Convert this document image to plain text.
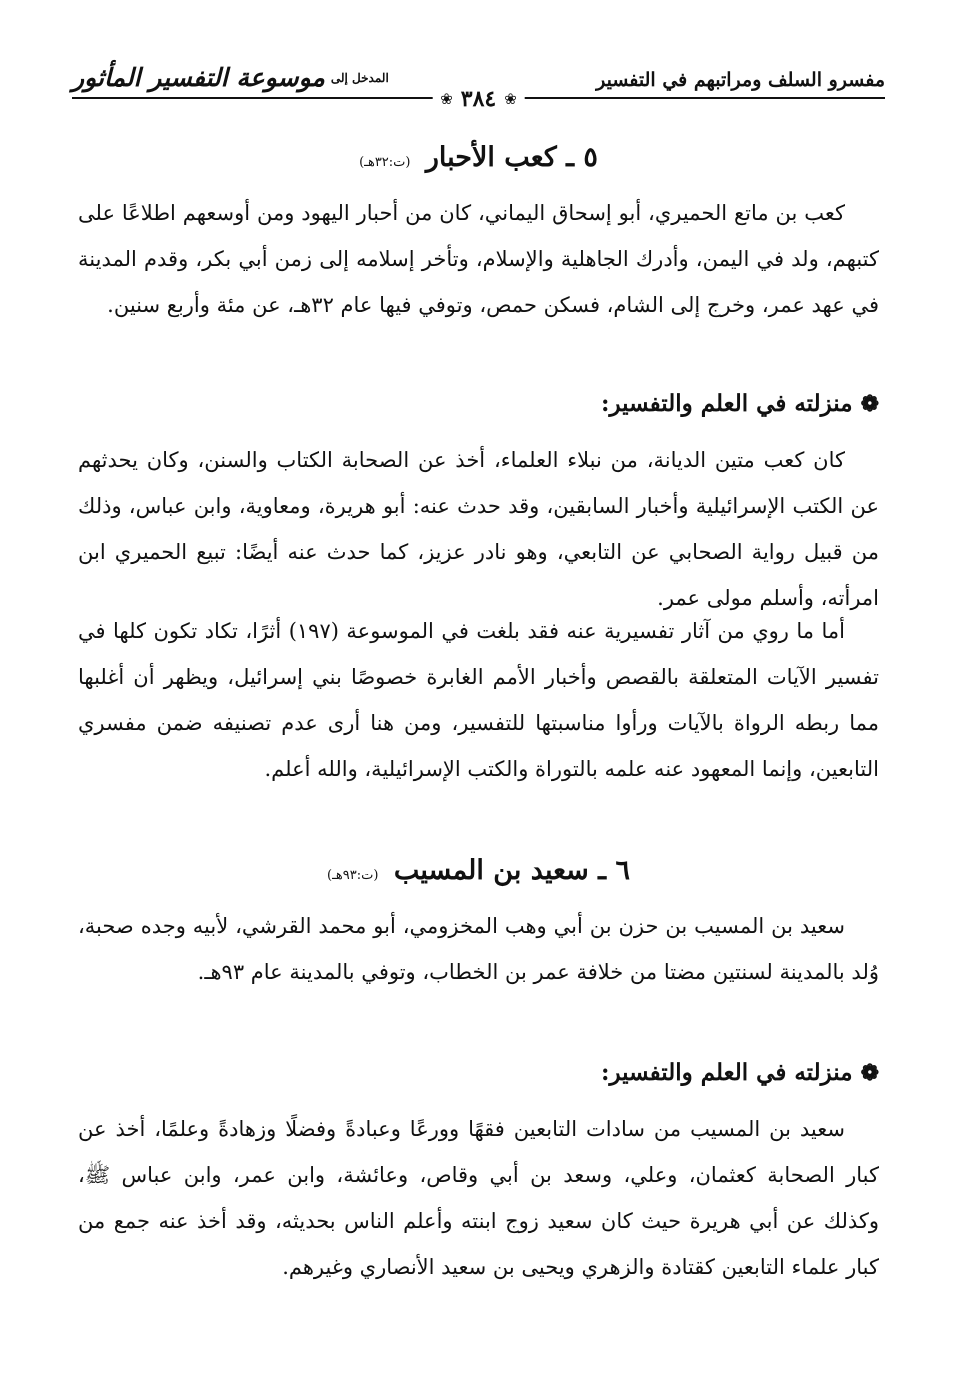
مفسرو السلف ومراتبهم في التفسير
المدخل إلى
موسوعة التفسير المأثور
❀
٣٨٤
❀
٥ ـ كعب الأحبار (ت:٣٢هـ)

كعب بن ماتع الحميري، أبو إسحاق اليماني، كان من أحبار اليهود ومن أوسعهم اطلاعًا على كتبهم، ولد في اليمن، وأدرك الجاهلية والإسلام، وتأخر إسلامه إلى زمن أبي بكر، وقدم المدينة في عهد عمر، وخرج إلى الشام، فسكن حمص، وتوفي فيها عام ٣٢هـ، عن مئة وأربع سنين.

❁
منزلته في العلم والتفسير:

كان كعب متين الديانة، من نبلاء العلماء، أخذ عن الصحابة الكتاب والسنن، وكان يحدثهم عن الكتب الإسرائيلية وأخبار السابقين، وقد حدث عنه: أبو هريرة، ومعاوية، وابن عباس، وذلك من قبيل رواية الصحابي عن التابعي، وهو نادر عزيز، كما حدث عنه أيضًا: تبيع الحميري ابن امرأته، وأسلم مولى عمر.

أما ما روي من آثار تفسيرية عنه فقد بلغت في الموسوعة (١٩٧) أثرًا، تكاد تكون كلها في تفسير الآيات المتعلقة بالقصص وأخبار الأمم الغابرة خصوصًا بني إسرائيل، ويظهر أن أغلبها مما ربطه الرواة بالآيات ورأوا مناسبتها للتفسير، ومن هنا أرى عدم تصنيفه ضمن مفسري التابعين، وإنما المعهود عنه علمه بالتوراة والكتب الإسرائيلية، والله أعلم.

٦ ـ سعيد بن المسيب (ت:٩٣هـ)

سعيد بن المسيب بن حزن بن أبي وهب المخزومي، أبو محمد القرشي، لأبيه وجده صحبة، وُلد بالمدينة لسنتين مضتا من خلافة عمر بن الخطاب، وتوفي بالمدينة عام ٩٣هـ.

❁
منزلته في العلم والتفسير:

سعيد بن المسيب من سادات التابعين فقهًا وورعًا وعبادةً وفضلًا وزهادةً وعلمًا، أخذ عن كبار الصحابة كعثمان، وعلي، وسعد بن أبي وقاص، وعائشة، وابن عمر، وابن عباس ﷺ، وكذلك عن أبي هريرة حيث كان سعيد زوج ابنته وأعلم الناس بحديثه، وقد أخذ عنه جمع من كبار علماء التابعين كقتادة والزهري ويحيى بن سعيد الأنصاري وغيرهم.
